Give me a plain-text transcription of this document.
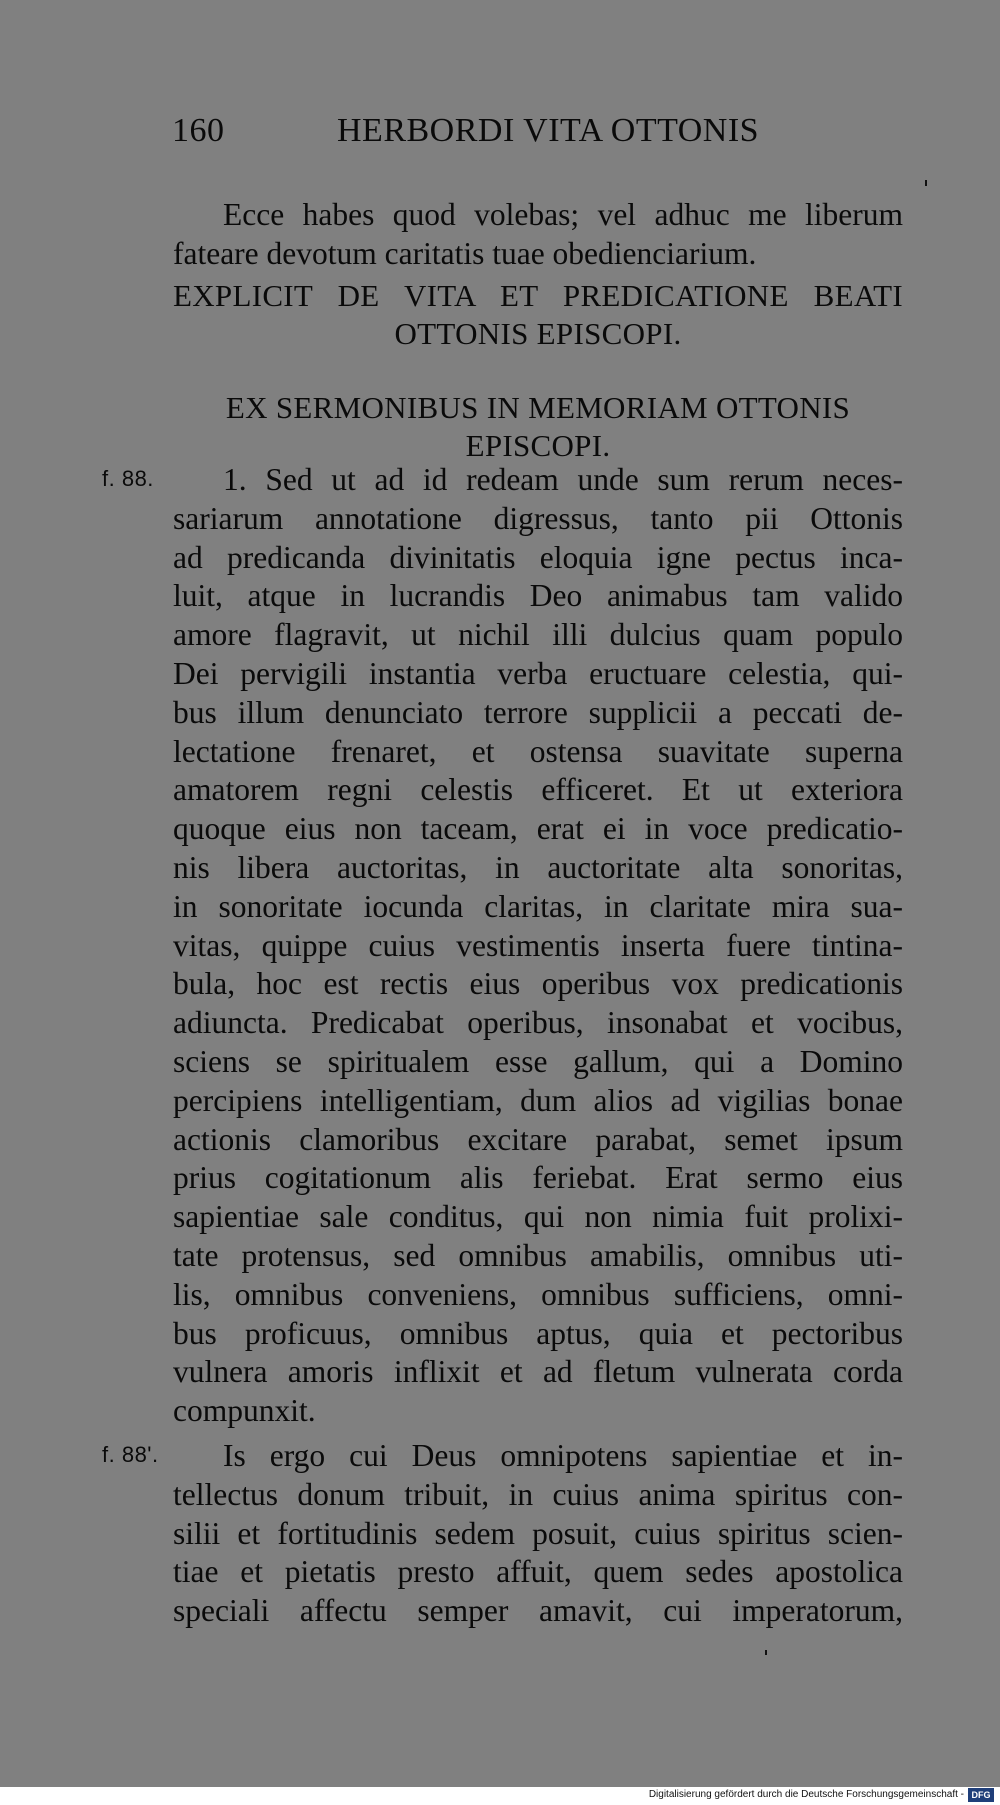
160	HERBORDI VITA OTTONIS
Ecce habes quod volebas; vel adhuc me liberum
fateare devotum caritatis tuae obedienciarium.
EXPLICIT DE VITA ET PREDICATIONE BEATI
OTTONIS EPISCOPI.
EX SERMONIBUS IN MEMORIAM OTTONIS
EPISCOPI.
f. 88.	1. Sed ut ad id redeam unde sum rerum neces-
sariarum annotatione digressus, tanto pii Ottonis
ad predicanda divinitatis eloquia igne pectus inca-
luit, atque in lucrandis Deo animabus tam valido
amore flagravit, ut nichil illi dulcius quam populo
Dei pervigili instantia verba eructuare celestia, qui-
bus illum denunciato terrore supplicii a peccati de-
lectatione frenaret, et ostensa suavitate superna
amatorem regni celestis efficeret. Et ut exteriora
quoque eius non taceam, erat ei in voce predicatio-
nis libera auctoritas, in auctoritate alta sonoritas,
in sonoritate iocunda claritas, in claritate mira sua-
vitas, quippe cuius vestimentis inserta fuere tintina-
bula, hoc est rectis eius operibus vox predicationis
adiuncta. Predicabat operibus, insonabat et vocibus,
sciens se spiritualem esse gallum, qui a Domino
percipiens intelligentiam, dum alios ad vigilias bonae
actionis clamoribus excitare parabat, semet ipsum
prius cogitationum alis feriebat. Erat sermo eius
sapientiae sale conditus, qui non nimia fuit prolixi-
tate protensus, sed omnibus amabilis, omnibus uti-
lis, omnibus conveniens, omnibus sufficiens, omni-
bus proficuus, omnibus aptus, quia et pectoribus
vulnera amoris inflixit et ad fletum vulnerata corda
compunxit.
f. 88'.	Is ergo cui Deus omnipotens sapientiae et in-
tellectus donum tribuit, in cuius anima spiritus con-
silii et fortitudinis sedem posuit, cuius spiritus scien-
tiae et pietatis presto affuit, quem sedes apostolica
speciali affectu semper amavit, cui imperatorum,
Digitalisierung gefördert durch die Deutsche Forschungsgemeinschaft - DFG
